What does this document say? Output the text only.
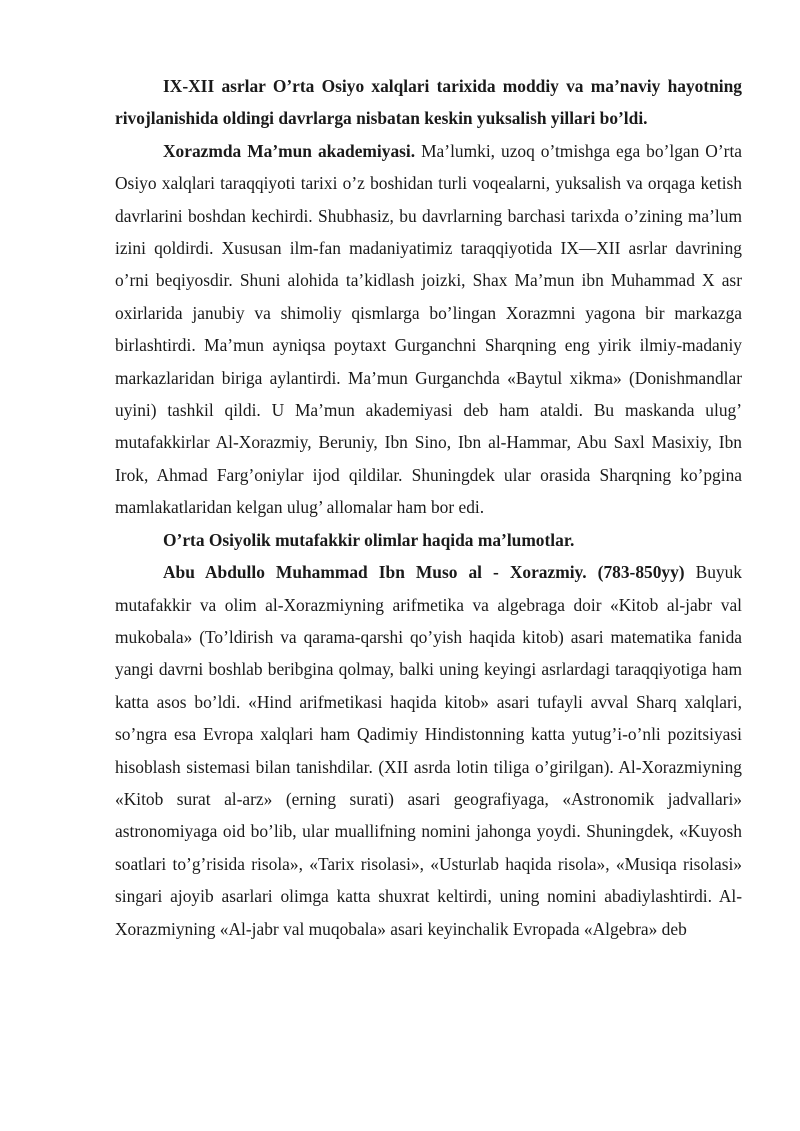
IX-XII asrlar O’rta Osiyo xalqlari tarixida moddiy va ma’naviy hayotning rivojlanishida oldingi davrlarga nisbatan keskin yuksalish yillari bo’ldi.

Xorazmda Ma’mun akademiyasi. Ma’lumki, uzoq o’tmishga ega bo’lgan O’rta Osiyo xalqlari taraqqiyoti tarixi o’z boshidan turli voqealarni, yuksalish va orqaga ketish davrlarini boshdan kechirdi. Shubhasiz, bu davrlarning barchasi tarixda o’zining ma’lum izini qoldirdi. Xususan ilm-fan madaniyatimiz taraqqiyotida IX—XII asrlar davrining o’rni beqiyosdir. Shuni alohida ta’kidlash joizki, Shax Ma’mun ibn Muhammad X asr oxirlarida janubiy va shimoliy qismlarga bo’lingan Xorazmni yagona bir markazga birlashtirdi. Ma’mun ayniqsa poytaxt Gurganchni Sharqning eng yirik ilmiy-madaniy markazlaridan biriga aylantirdi. Ma’mun Gurganchda «Baytul xikma» (Donishmandlar uyini) tashkil qildi. U Ma’mun akademiyasi deb ham ataldi. Bu maskanda ulug’ mutafakkirlar Al-Xorazmiy, Beruniy, Ibn Sino, Ibn al-Hammar, Abu Saxl Masixiy, Ibn Irok, Ahmad Farg’oniylar ijod qildilar. Shuningdek ular orasida Sharqning ko’pgina mamlakatlaridan kelgan ulug’ allomalar ham bor edi.

O’rta Osiyolik mutafakkir olimlar haqida ma’lumotlar.

Abu Abdullo Muhammad Ibn Muso al - Xorazmiy. (783-850yy) Buyuk mutafakkir va olim al-Xorazmiyning arifmetika va algebraga doir «Kitob al-jabr val mukobala» (To’ldirish va qarama-qarshi qo’yish haqida kitob) asari matematika fanida yangi davrni boshlab beribgina qolmay, balki uning keyingi asrlardagi taraqqiyotiga ham katta asos bo’ldi. «Hind arifmetikasi haqida kitob» asari tufayli avval Sharq xalqlari, so’ngra esa Evropa xalqlari ham Qadimiy Hindistonning katta yutug’i-o’nli pozitsiyasi hisoblash sistemasi bilan tanishdilar. (XII asrda lotin tiliga o’girilgan). Al-Xorazmiyning «Kitob surat al-arz» (erning surati) asari geografiyaga, «Astronomik jadvallari» astronomiyaga oid bo’lib, ular muallifning nomini jahonga yoydi. Shuningdek, «Kuyosh soatlari to’g’risida risola», «Tarix risolasi», «Usturlab haqida risola», «Musiqa risolasi» singari ajoyib asarlari olimga katta shuxrat keltirdi, uning nomini abadiylashtirdi. Al-Xorazmiyning «Al-jabr val muqobala» asari keyinchalik Evropada «Algebra» deb
